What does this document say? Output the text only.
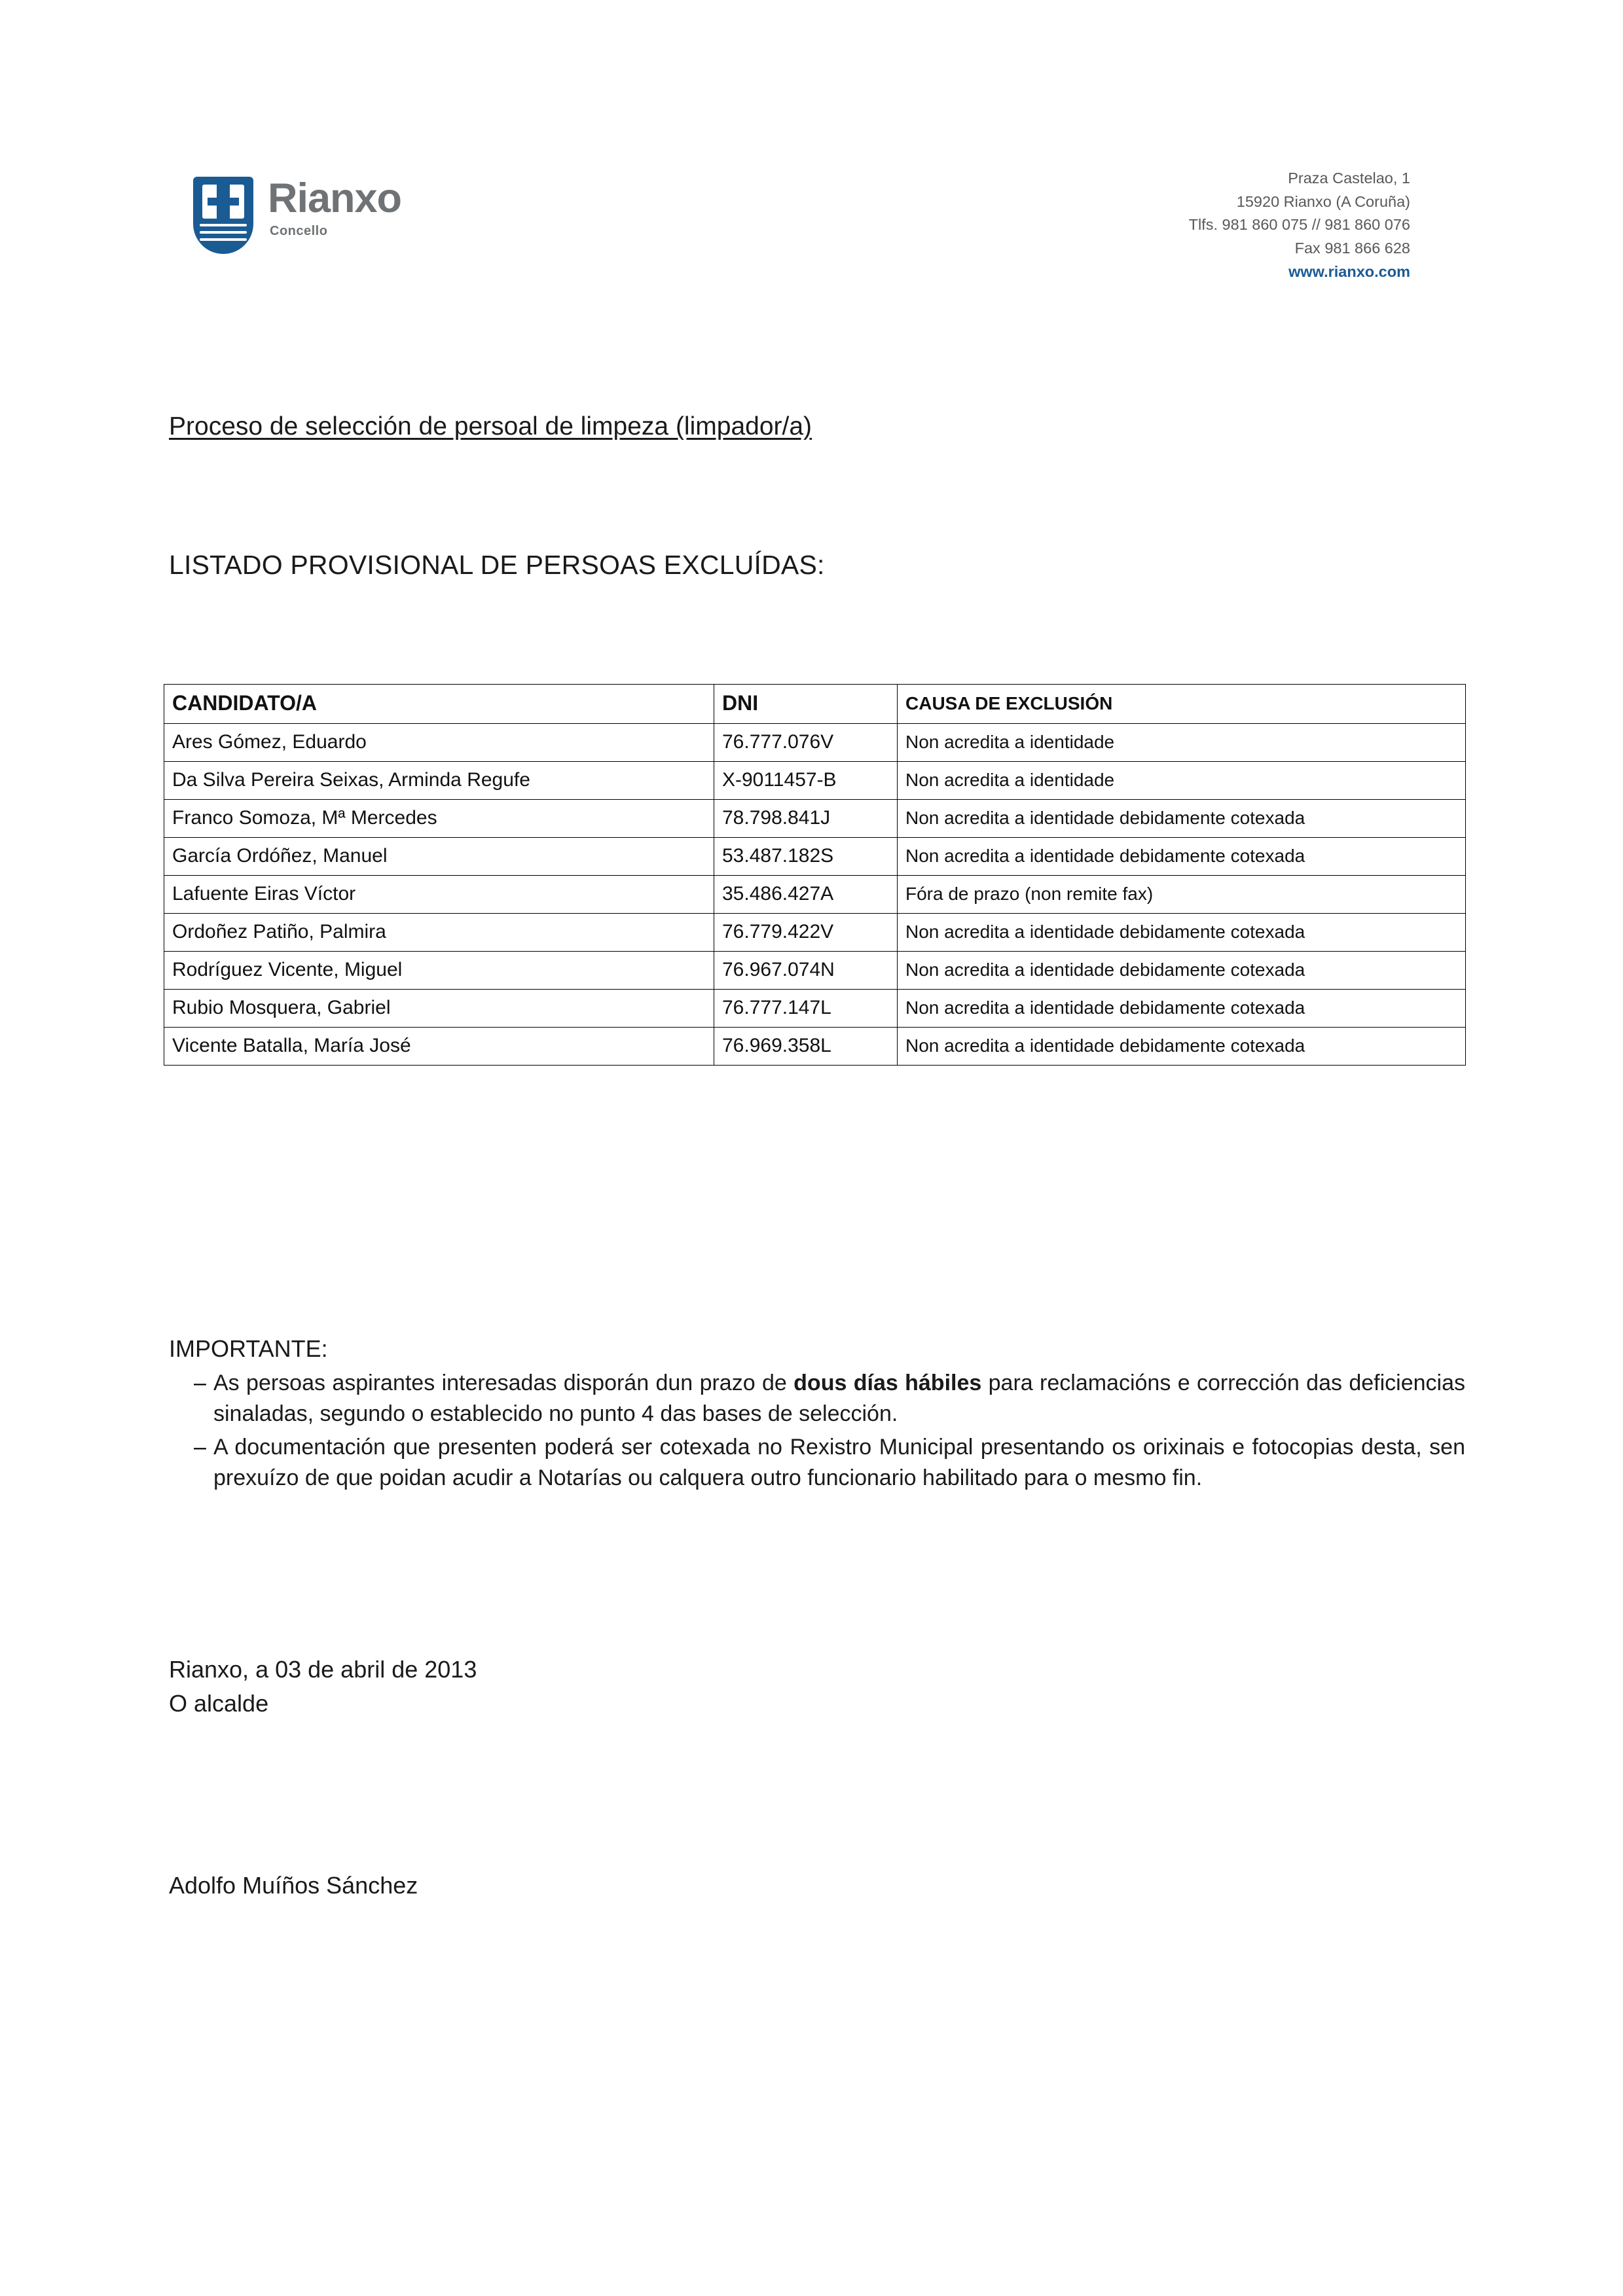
Rianxo
Concello
Praza Castelao, 1
15920 Rianxo (A Coruña)
Tlfs. 981 860 075 // 981 860 076
Fax 981 866 628
www.rianxo.com
Proceso de selección de persoal de limpeza (limpador/a)
LISTADO PROVISIONAL DE PERSOAS EXCLUÍDAS:
CANDIDATO/A	DNI	CAUSA DE EXCLUSIÓN
Ares Gómez, Eduardo	76.777.076V	Non acredita a identidade
Da Silva Pereira Seixas, Arminda Regufe	X-9011457-B	Non acredita a identidade
Franco Somoza, Mª Mercedes	78.798.841J	Non acredita a identidade debidamente cotexada
García Ordóñez, Manuel	53.487.182S	Non acredita a identidade debidamente cotexada
Lafuente Eiras Víctor	35.486.427A	Fóra de prazo (non remite fax)
Ordoñez Patiño, Palmira	76.779.422V	Non acredita a identidade debidamente cotexada
Rodríguez Vicente, Miguel	76.967.074N	Non acredita a identidade debidamente cotexada
Rubio Mosquera, Gabriel	76.777.147L	Non acredita a identidade debidamente cotexada
Vicente Batalla, María José	76.969.358L	Non acredita a identidade debidamente cotexada
IMPORTANTE:
– As persoas aspirantes interesadas disporán dun prazo de dous días hábiles para reclamacións e corrección das deficiencias sinaladas, segundo o establecido no punto 4 das bases de selección.
– A documentación que presenten poderá ser cotexada no Rexistro Municipal presentando os orixinais e fotocopias desta, sen prexuízo de que poidan acudir a Notarías ou calquera outro funcionario habilitado para o mesmo fin.
Rianxo, a 03 de abril de 2013
O alcalde
Adolfo Muíños Sánchez
